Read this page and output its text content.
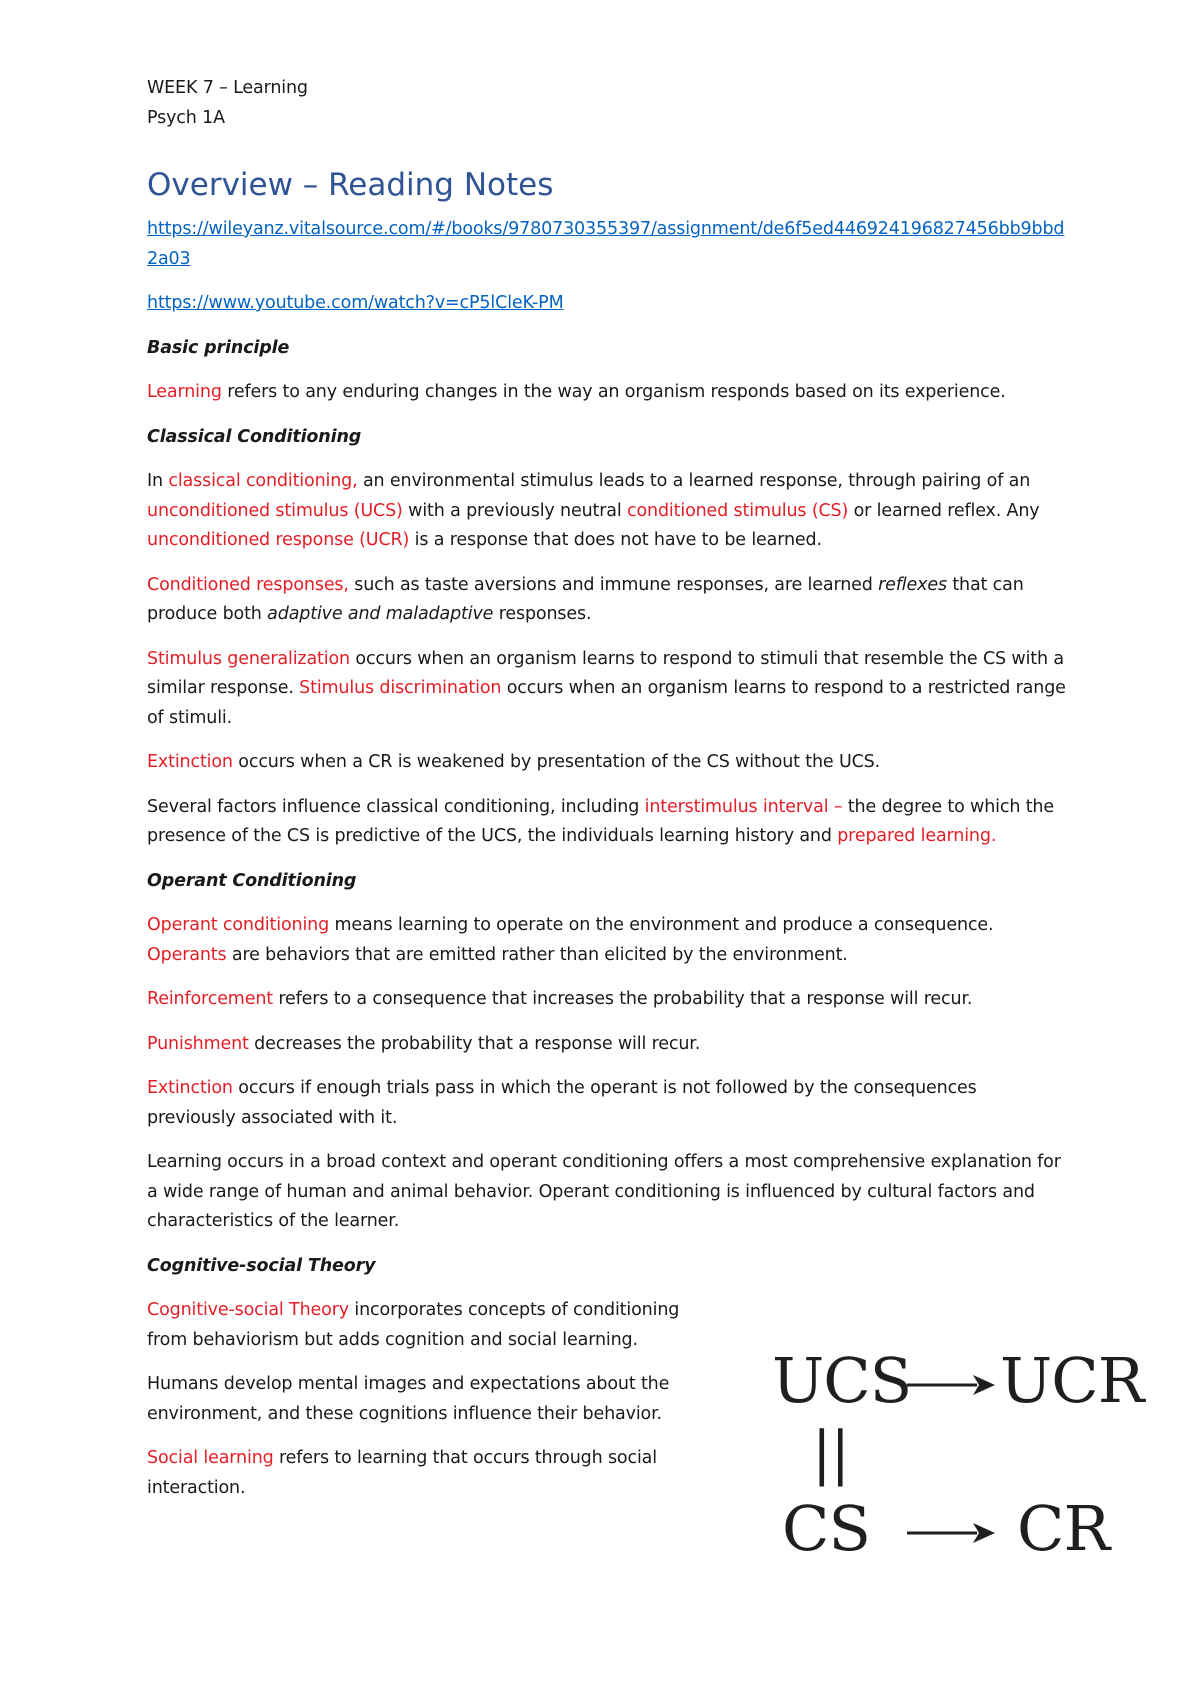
WEEK 7 – Learning

Psych 1A

Overview – Reading Notes

https://wileyanz.vitalsource.com/#/books/9780730355397/assignment/de6f5ed446924196827456bb9bbd2a03

https://www.youtube.com/watch?v=cP5lCleK-PM

Basic principle

Learning refers to any enduring changes in the way an organism responds based on its experience.

Classical Conditioning

In classical conditioning, an environmental stimulus leads to a learned response, through pairing of an unconditioned stimulus (UCS) with a previously neutral conditioned stimulus (CS) or learned reflex. Any unconditioned response (UCR) is a response that does not have to be learned.

Conditioned responses, such as taste aversions and immune responses, are learned reflexes that can produce both adaptive and maladaptive responses.

Stimulus generalization occurs when an organism learns to respond to stimuli that resemble the CS with a similar response. Stimulus discrimination occurs when an organism learns to respond to a restricted range of stimuli.

Extinction occurs when a CR is weakened by presentation of the CS without the UCS.

Several factors influence classical conditioning, including interstimulus interval – the degree to which the presence of the CS is predictive of the UCS, the individuals learning history and prepared learning.

Operant Conditioning

Operant conditioning means learning to operate on the environment and produce a consequence. Operants are behaviors that are emitted rather than elicited by the environment.

Reinforcement refers to a consequence that increases the probability that a response will recur.

Punishment decreases the probability that a response will recur.

Extinction occurs if enough trials pass in which the operant is not followed by the consequences previously associated with it.

Learning occurs in a broad context and operant conditioning offers a most comprehensive explanation for a wide range of human and animal behavior. Operant conditioning is influenced by cultural factors and characteristics of the learner.

Cognitive-social Theory

Cognitive-social Theory incorporates concepts of conditioning from behaviorism but adds cognition and social learning.

Humans develop mental images and expectations about the environment, and these cognitions influence their behavior.

Social learning refers to learning that occurs through social interaction.

UCS UCR
||
CS CR
